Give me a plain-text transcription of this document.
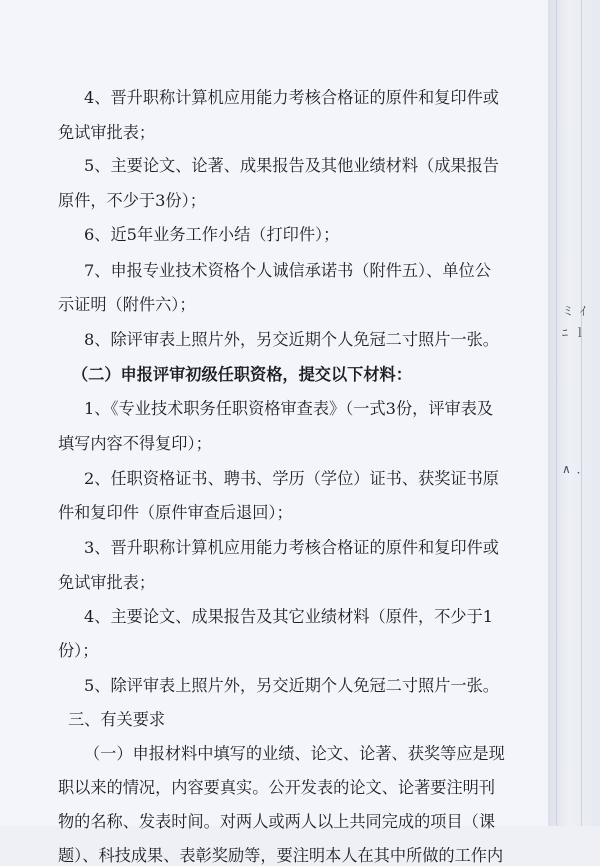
4、晋升职称计算机应用能力考核合格证的原件和复印件或
免试审批表；
5、主要论文、论著、成果报告及其他业绩材料（成果报告
原件，不少于3份）；
6、近5年业务工作小结（打印件）；
7、申报专业技术资格个人诚信承诺书（附件五）、单位公
示证明（附件六）；
8、除评审表上照片外，另交近期个人免冠二寸照片一张。
（二）申报评审初级任职资格，提交以下材料：
1、《专业技术职务任职资格审查表》（一式3份，评审表及
填写内容不得复印）；
2、任职资格证书、聘书、学历（学位）证书、获奖证书原
件和复印件（原件审查后退回）；
3、晋升职称计算机应用能力考核合格证的原件和复印件或
免试审批表；
4、主要论文、成果报告及其它业绩材料（原件，不少于1
份）；
5、除评审表上照片外，另交近期个人免冠二寸照片一张。
三、有关要求
（一）申报材料中填写的业绩、论文、论著、获奖等应是现
职以来的情况，内容要真实。公开发表的论文、论著要注明刊
物的名称、发表时间。对两人或两人以上共同完成的项目（课
题）、科技成果、表彰奖励等，要注明本人在其中所做的工作内
ミ ｲ ﾆ ｌ
∧ ．
